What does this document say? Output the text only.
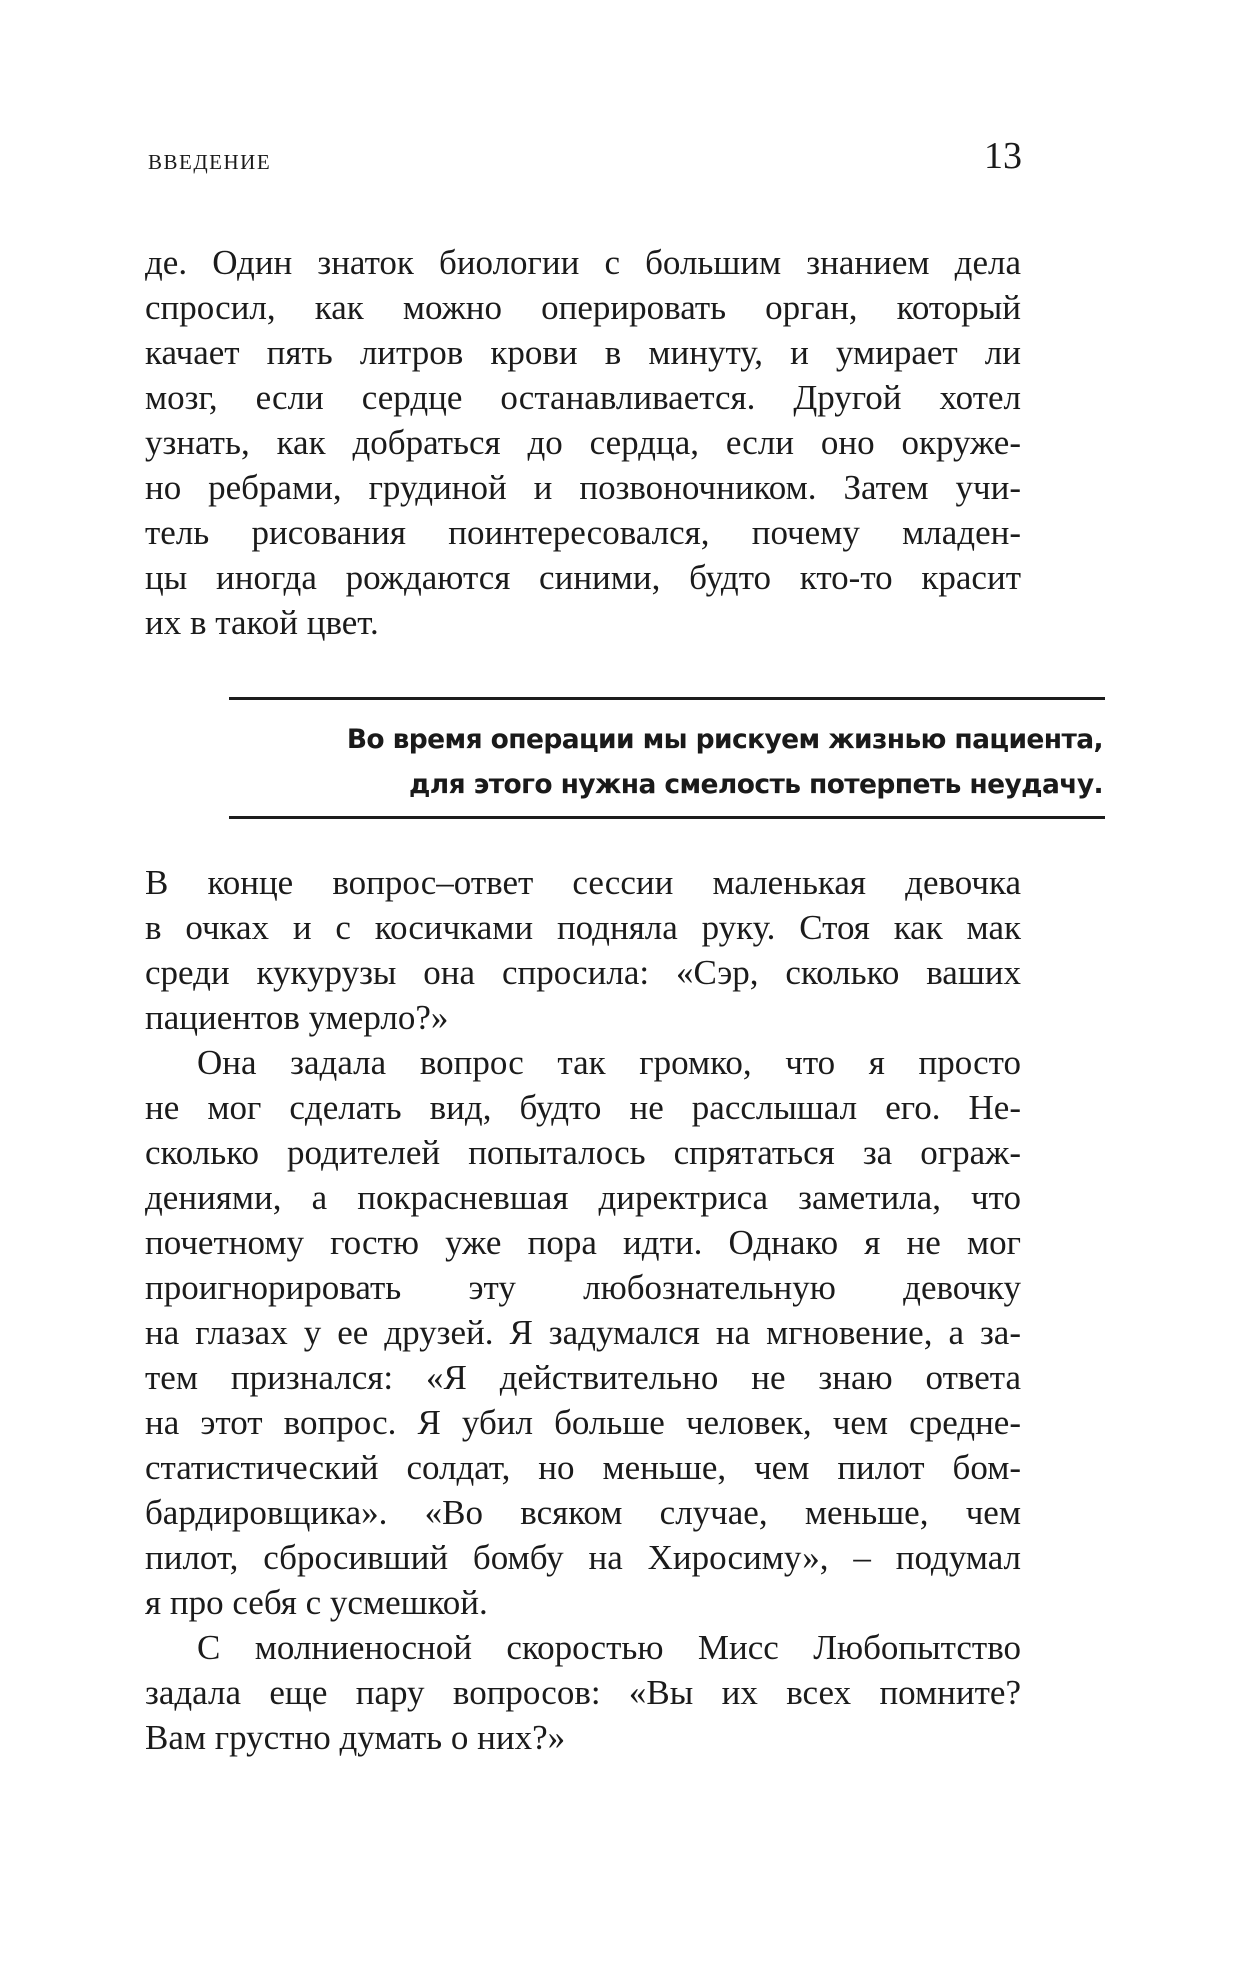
ВВЕДЕНИЕ	13
де. Один знаток биологии с большим знанием дела
спросил, как можно оперировать орган, который
качает пять литров крови в минуту, и умирает ли
мозг, если сердце останавливается. Другой хотел
узнать, как добраться до сердца, если оно окруже-
но ребрами, грудиной и позвоночником. Затем учи-
тель рисования поинтересовался, почему младен-
цы иногда рождаются синими, будто кто-то красит
их в такой цвет.
Во время операции мы рискуем жизнью пациента,
для этого нужна смелость потерпеть неудачу.
В конце вопрос–ответ сессии маленькая девочка
в очках и с косичками подняла руку. Стоя как мак
среди кукурузы она спросила: «Сэр, сколько ваших
пациентов умерло?»
Она задала вопрос так громко, что я просто
не мог сделать вид, будто не расслышал его. Не-
сколько родителей попыталось спрятаться за ограж-
дениями, а покрасневшая директриса заметила, что
почетному гостю уже пора идти. Однако я не мог
проигнорировать эту любознательную девочку
на глазах у ее друзей. Я задумался на мгновение, а за-
тем признался: «Я действительно не знаю ответа
на этот вопрос. Я убил больше человек, чем средне-
статистический солдат, но меньше, чем пилот бом-
бардировщика». «Во всяком случае, меньше, чем
пилот, сбросивший бомбу на Хиросиму», – подумал
я про себя с усмешкой.
С молниеносной скоростью Мисс Любопытство
задала еще пару вопросов: «Вы их всех помните?
Вам грустно думать о них?»
